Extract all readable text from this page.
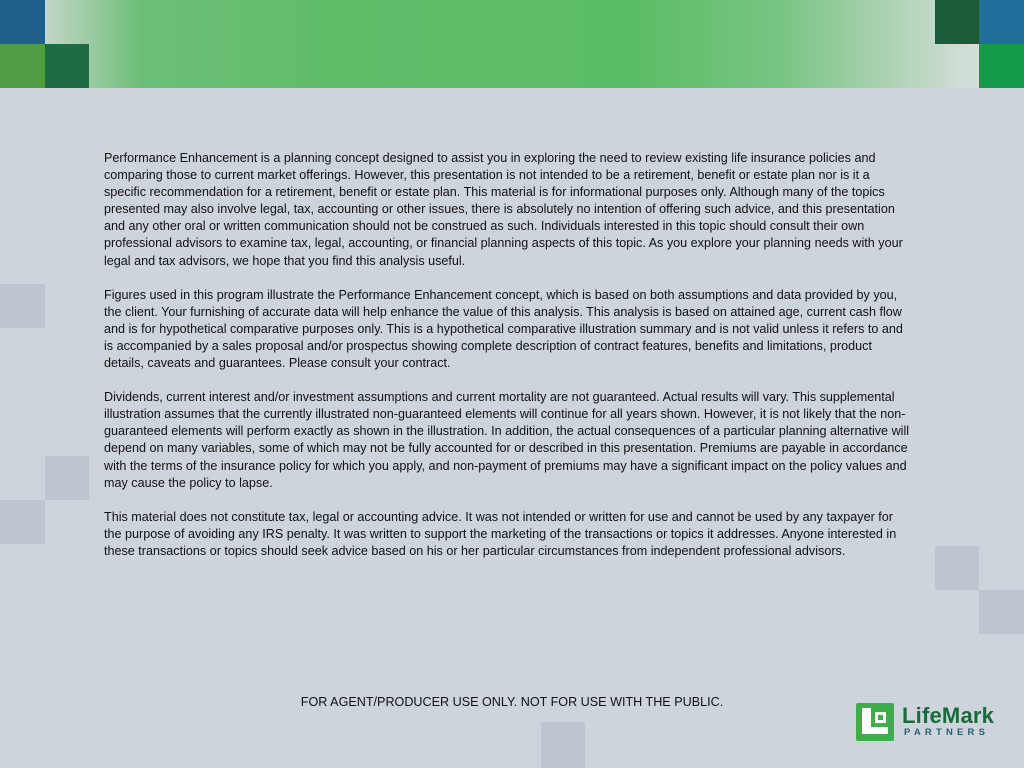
Performance Enhancement is a planning concept designed to assist you in exploring the need to review existing life insurance policies and comparing those to current market offerings. However, this presentation is not intended to be a retirement, benefit or estate plan nor is it a specific recommendation for a retirement, benefit or estate plan. This material is for informational purposes only. Although many of the topics presented may also involve legal, tax, accounting or other issues, there is absolutely no intention of offering such advice, and this presentation and any other oral or written communication should not be construed as such. Individuals interested in this topic should consult their own professional advisors to examine tax, legal, accounting, or financial planning aspects of this topic. As you explore your planning needs with your legal and tax advisors, we hope that you find this analysis useful.

Figures used in this program illustrate the Performance Enhancement concept, which is based on both assumptions and data provided by you, the client. Your furnishing of accurate data will help enhance the value of this analysis. This analysis is based on attained age, current cash flow and is for hypothetical comparative purposes only. This is a hypothetical comparative illustration summary and is not valid unless it refers to and is accompanied by a sales proposal and/or prospectus showing complete description of contract features, benefits and limitations, product details, caveats and guarantees. Please consult your contract.

Dividends, current interest and/or investment assumptions and current mortality are not guaranteed. Actual results will vary. This supplemental illustration assumes that the currently illustrated non-guaranteed elements will continue for all years shown. However, it is not likely that the non-guaranteed elements will perform exactly as shown in the illustration. In addition, the actual consequences of a particular planning alternative will depend on many variables, some of which may not be fully accounted for or described in this presentation. Premiums are payable in accordance with the terms of the insurance policy for which you apply, and non-payment of premiums may have a significant impact on the policy values and may cause the policy to lapse.

This material does not constitute tax, legal or accounting advice. It was not intended or written for use and cannot be used by any taxpayer for the purpose of avoiding any IRS penalty. It was written to support the marketing of the transactions or topics it addresses. Anyone interested in these transactions or topics should seek advice based on his or her particular circumstances from independent professional advisors.

FOR AGENT/PRODUCER USE ONLY. NOT FOR USE WITH THE PUBLIC.
LifeMark
PARTNERS
